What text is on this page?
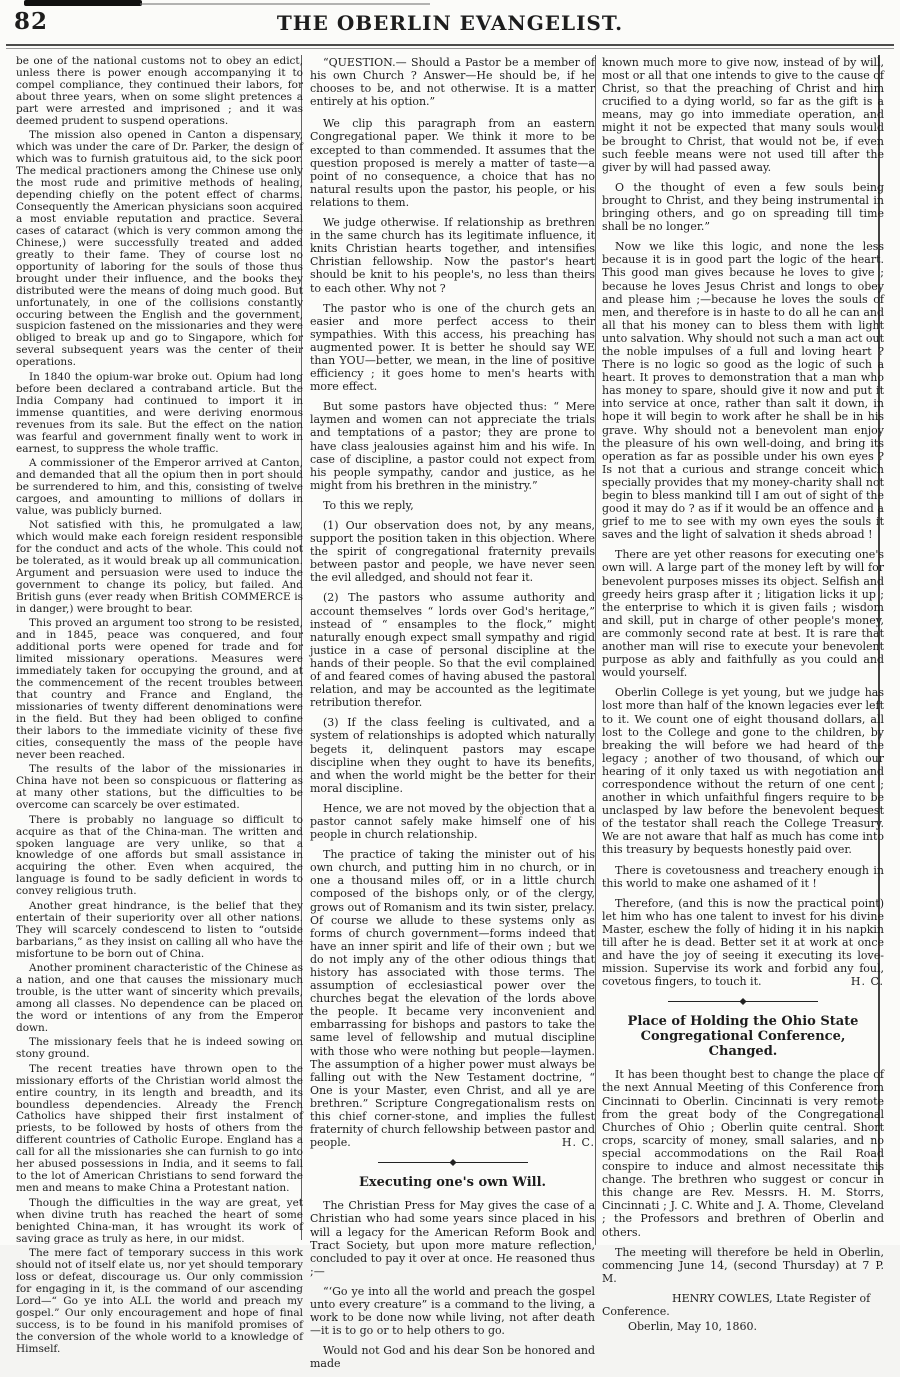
82	THE OBERLIN EVANGELIST.

be one of the national customs not to obey an edict, unless there is power enough accompanying it to compel compliance, they continued their labors, for about three years, when on some slight pretences a part were arrested and imprisoned ; and it was deemed prudent to suspend operations.

The mission also opened in Canton a dispensary, which was under the care of Dr. Parker, the design of which was to furnish gratuitous aid, to the sick poor. The medical practioners among the Chinese use only the most rude and primitive methods of healing, depending chiefly on the potent effect of charms. Consequently the American physicians soon acquired a most enviable reputation and practice. Several cases of cataract (which is very common among the Chinese,) were successfully treated and added greatly to their fame. They of course lost no opportunity of laboring for the souls of those thus brought under their influence, and the books they distributed were the means of doing much good. But unfortunately, in one of the collisions constantly occuring between the English and the government, suspicion fastened on the missionaries and they were obliged to break up and go to Singapore, which for several subsequent years was the center of their operations.

In 1840 the opium-war broke out. Opium had long before been declared a contraband article. But the India Company had continued to import it in immense quantities, and were deriving enormous revenues from its sale. But the effect on the nation was fearful and government finally went to work in earnest, to suppress the whole traffic.

A commissioner of the Emperor arrived at Canton, and demanded that all the opium then in port should be surrendered to him, and this, consisting of twelve cargoes, and amounting to millions of dollars in value, was publicly burned.

Not satisfied with this, he promulgated a law, which would make each foreign resident responsible for the conduct and acts of the whole. This could not be tolerated, as it would break up all communication. Argument and persuasion were used to induce the government to change its policy, but failed. And British guns (ever ready when British COMMERCE is in danger,) were brought to bear.

This proved an argument too strong to be resisted, and in 1845, peace was conquered, and four additional ports were opened for trade and for limited missionary operations. Measures were immediately taken for occupying the ground, and at the commencement of the recent troubles between that country and France and England, the missionaries of twenty different denominations were in the field. But they had been obliged to confine their labors to the immediate vicinity of these five cities, consequently the mass of the people have never been reached.

The results of the labor of the missionaries in China have not been so conspicuous or flattering as at many other stations, but the difficulties to be overcome can scarcely be over estimated.

There is probably no language so difficult to acquire as that of the China-man. The written and spoken language are very unlike, so that a knowledge of one affords but small assistance in acquiring the other. Even when acquired, the language is found to be sadly deficient in words to convey religious truth.

Another great hindrance, is the belief that they entertain of their superiority over all other nations. They will scarcely condescend to listen to “outside barbarians,” as they insist on calling all who have the misfortune to be born out of China.

Another prominent characteristic of the Chinese as a nation, and one that causes the missionary much trouble, is the utter want of sincerity which prevails, among all classes. No dependence can be placed on the word or intentions of any from the Emperor down.

The missionary feels that he is indeed sowing on stony ground.

The recent treaties have thrown open to the missionary efforts of the Christian world almost the entire country, in its length and breadth, and its boundless dependencies. Already the French Catholics have shipped their first instalment of priests, to be followed by hosts of others from the different countries of Catholic Europe. England has a call for all the missionaries she can furnish to go into her abused possessions in India, and it seems to fall to the lot of American Christians to send forward the men and means to make China a Protestant nation.

Though the difficulties in the way are great, yet when divine truth has reached the heart of some benighted China-man, it has wrought its work of saving grace as truly as here, in our midst.

The mere fact of temporary success in this work should not of itself elate us, nor yet should temporary loss or defeat, discourage us. Our only commission for engaging in it, is the command of our ascending Lord—“ Go ye into ALL the world and preach my gospel.” Our only encouragement and hope of final success, is to be found in his manifold promises of the conversion of the whole world to a knowledge of Himself.

“QUESTION.— Should a Pastor be a member of his own Church ? Answer—He should be, if he chooses to be, and not otherwise. It is a matter entirely at his option.”

We clip this paragraph from an eastern Congregational paper. We think it more to be excepted to than commended. It assumes that the question proposed is merely a matter of taste—a point of no consequence, a choice that has no natural results upon the pastor, his people, or his relations to them.

We judge otherwise. If relationship as brethren in the same church has its legitimate influence, it knits Christian hearts together, and intensifies Christian fellowship. Now the pastor's heart should be knit to his people's, no less than theirs to each other. Why not ?

The pastor who is one of the church gets an easier and more perfect access to their sympathies. With this access, his preaching has augmented power. It is better he should say WE than YOU—better, we mean, in the line of positive efficiency ; it goes home to men's hearts with more effect.

But some pastors have objected thus: “ Mere laymen and women can not appreciate the trials and temptations of a pastor; they are prone to have class jealousies against him and his wife. In case of discipline, a pastor could not expect from his people sympathy, candor and justice, as he might from his brethren in the ministry.”

To this we reply,

(1) Our observation does not, by any means, support the position taken in this objection. Where the spirit of congregational fraternity prevails between pastor and people, we have never seen the evil alledged, and should not fear it.

(2) The pastors who assume authority and account themselves “ lords over God's heritage,” instead of “ ensamples to the flock,” might naturally enough expect small sympathy and rigid justice in a case of personal discipline at the hands of their people. So that the evil complained of and feared comes of having abused the pastoral relation, and may be accounted as the legitimate retribution therefor.

(3) If the class feeling is cultivated, and a system of relationships is adopted which naturally begets it, delinquent pastors may escape discipline when they ought to have its benefits, and when the world might be the better for their moral discipline.

Hence, we are not moved by the objection that a pastor cannot safely make himself one of his people in church relationship.

The practice of taking the minister out of his own church, and putting him in no church, or in one a thousand miles off, or in a little church composed of the bishops only, or of the clergy, grows out of Romanism and its twin sister, prelacy. Of course we allude to these systems only as forms of church government—forms indeed that have an inner spirit and life of their own ; but we do not imply any of the other odious things that history has associated with those terms. The assumption of ecclesiastical power over the churches begat the elevation of the lords above the people. It became very inconvenient and embarrassing for bishops and pastors to take the same level of fellowship and mutual discipline with those who were nothing but people—laymen. The assumption of a higher power must always be falling out with the New Testament doctrine, “ One is your Master, even Christ, and all ye are brethren.” Scripture Congregationalism rests on this chief corner-stone, and implies the fullest fraternity of church fellowship between pastor and people.	H. C.

Executing one's own Will.

The Christian Press for May gives the case of a Christian who had some years since placed in his will a legacy for the American Reform Book and Tract Society, but upon more mature reflection, concluded to pay it over at once. He reasoned thus ;—

“‘Go ye into all the world and preach the gospel unto every creature” is a command to the living, a work to be done now while living, not after death—it is to go or to help others to go.

Would not God and his dear Son be honored and made

known much more to give now, instead of by will, most or all that one intends to give to the cause of Christ, so that the preaching of Christ and him crucified to a dying world, so far as the gift is a means, may go into immediate operation, and might it not be expected that many souls would be brought to Christ, that would not be, if even such feeble means were not used till after the giver by will had passed away.

O the thought of even a few souls being brought to Christ, and they being instrumental in bringing others, and go on spreading till time shall be no longer.”

Now we like this logic, and none the less because it is in good part the logic of the heart. This good man gives because he loves to give ; because he loves Jesus Christ and longs to obey and please him ;—because he loves the souls of men, and therefore is in haste to do all he can and all that his money can to bless them with light unto salvation. Why should not such a man act out the noble impulses of a full and loving heart ? There is no logic so good as the logic of such a heart. It proves to demonstration that a man who has money to spare, should give it now and put it into service at once, rather than salt it down, in hope it will begin to work after he shall be in his grave. Why should not a benevolent man enjoy the pleasure of his own well-doing, and bring its operation as far as possible under his own eyes ? Is not that a curious and strange conceit which specially provides that my money-charity shall not begin to bless mankind till I am out of sight of the good it may do ? as if it would be an offence and a grief to me to see with my own eyes the souls it saves and the light of salvation it sheds abroad !

There are yet other reasons for executing one's own will. A large part of the money left by will for benevolent purposes misses its object. Selfish and greedy heirs grasp after it ; litigation licks it up ; the enterprise to which it is given fails ; wisdom and skill, put in charge of other people's money, are commonly second rate at best. It is rare that another man will rise to execute your benevolent purpose as ably and faithfully as you could and would yourself.

Oberlin College is yet young, but we judge has lost more than half of the known legacies ever left to it. We count one of eight thousand dollars, all lost to the College and gone to the children, by breaking the will before we had heard of the legacy ; another of two thousand, of which our hearing of it only taxed us with negotiation and correspondence without the return of one cent ; another in which unfaithful fingers require to be unclasped by law before the benevolent bequest of the testator shall reach the College Treasury. We are not aware that half as much has come into this treasury by bequests honestly paid over.

There is covetousness and treachery enough in this world to make one ashamed of it !

Therefore, (and this is now the practical point) let him who has one talent to invest for his divine Master, eschew the folly of hiding it in his napkin till after he is dead. Better set it at work at once and have the joy of seeing it executing its love-mission. Supervise its work and forbid any foul, covetous fingers, to touch it.	H. C.

Place of Holding the Ohio State Congregational Conference, Changed.

It has been thought best to change the place of the next Annual Meeting of this Conference from Cincinnati to Oberlin. Cincinnati is very remote from the great body of the Congregational Churches of Ohio ; Oberlin quite central. Short crops, scarcity of money, small salaries, and no special accommodations on the Rail Road conspire to induce and almost necessitate this change. The brethren who suggest or concur in this change are Rev. Messrs. H. M. Storrs, Cincinnati ; J. C. White and J. A. Thome, Cleveland ; the Professors and brethren of Oberlin and others.

The meeting will therefore be held in Oberlin, commencing June 14, (second Thursday) at 7 P. M.

HENRY COWLES, Ltate Register of Conference.

Oberlin, May 10, 1860.
